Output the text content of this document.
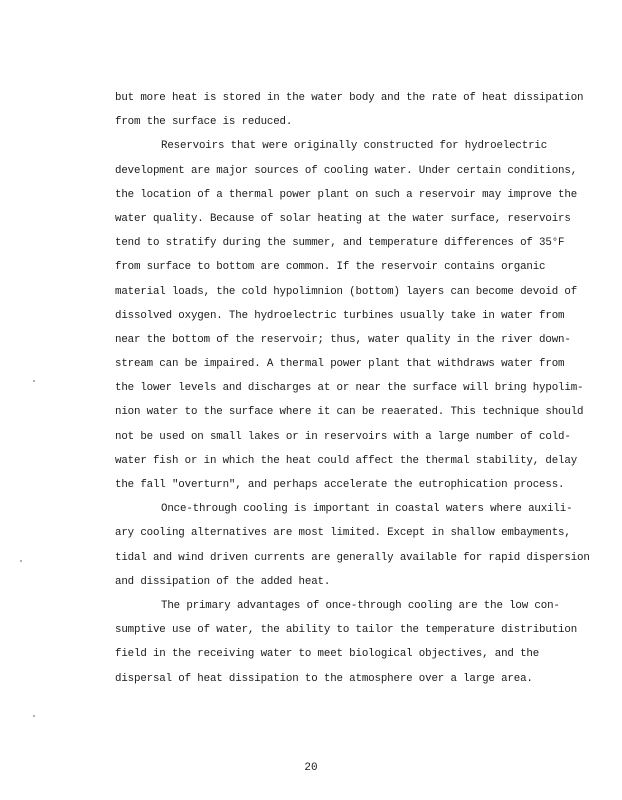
but more heat is stored in the water body and the rate of heat dissipation
from the surface is reduced.
Reservoirs that were originally constructed for hydroelectric
development are major sources of cooling water. Under certain conditions,
the location of a thermal power plant on such a reservoir may improve the
water quality. Because of solar heating at the water surface, reservoirs
tend to stratify during the summer, and temperature differences of 35°F
from surface to bottom are common. If the reservoir contains organic
material loads, the cold hypolimnion (bottom) layers can become devoid of
dissolved oxygen. The hydroelectric turbines usually take in water from
near the bottom of the reservoir; thus, water quality in the river down-
stream can be impaired. A thermal power plant that withdraws water from
the lower levels and discharges at or near the surface will bring hypolim-
nion water to the surface where it can be reaerated. This technique should
not be used on small lakes or in reservoirs with a large number of cold-
water fish or in which the heat could affect the thermal stability, delay
the fall "overturn", and perhaps accelerate the eutrophication process.
Once-through cooling is important in coastal waters where auxili-
ary cooling alternatives are most limited. Except in shallow embayments,
tidal and wind driven currents are generally available for rapid dispersion
and dissipation of the added heat.
The primary advantages of once-through cooling are the low con-
sumptive use of water, the ability to tailor the temperature distribution
field in the receiving water to meet biological objectives, and the
dispersal of heat dissipation to the atmosphere over a large area.
20
